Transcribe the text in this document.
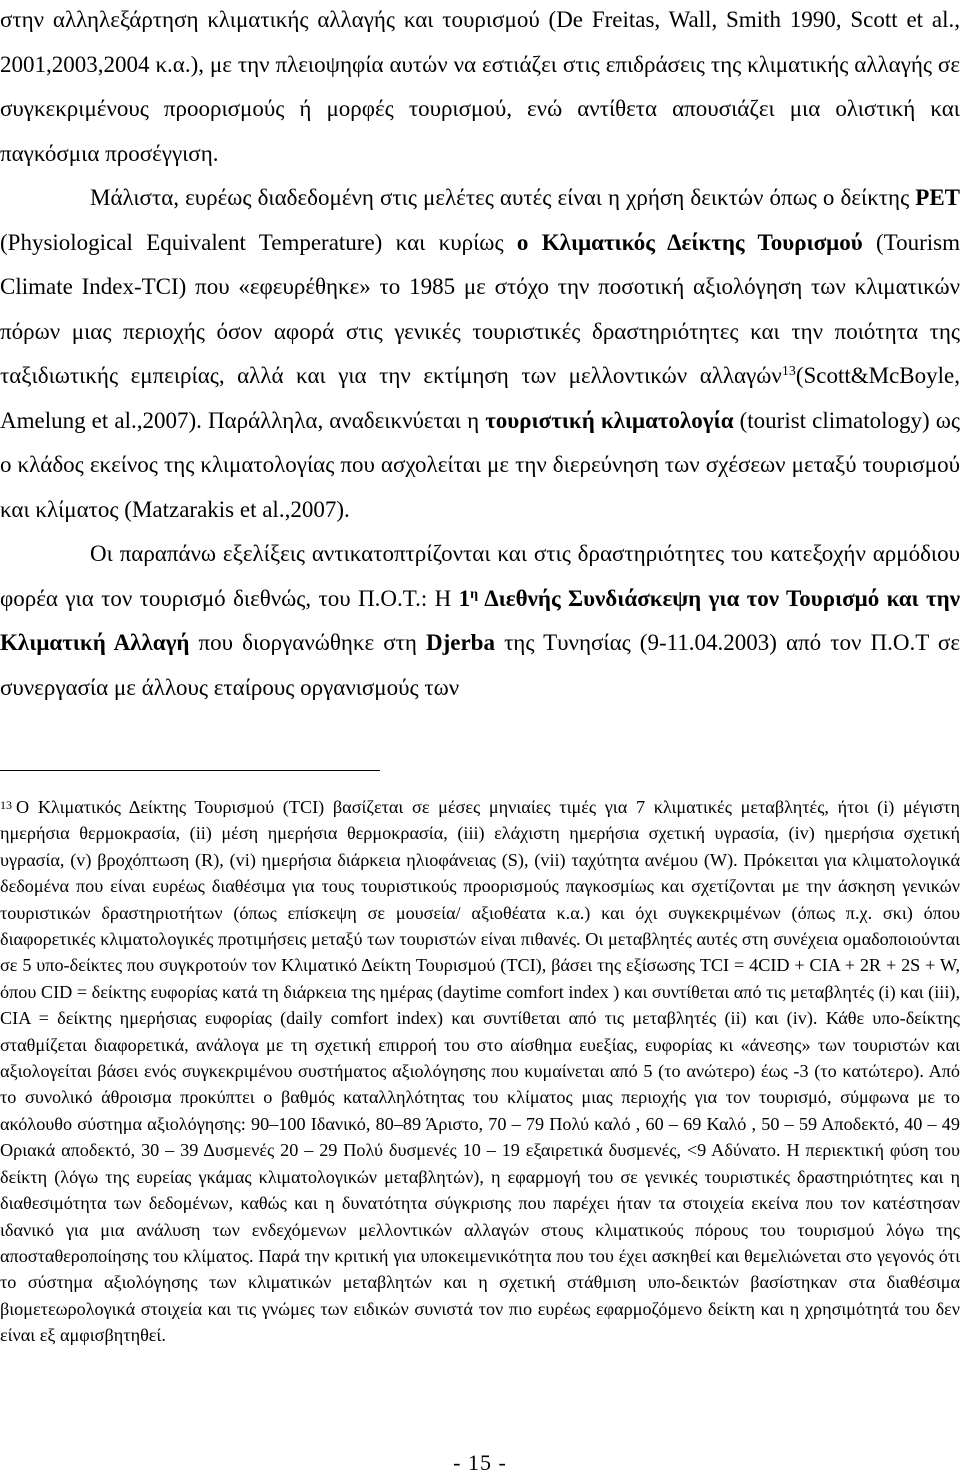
στην αλληλεξάρτηση κλιματικής αλλαγής και τουρισμού (De Freitas, Wall, Smith 1990, Scott et al., 2001,2003,2004 κ.α.), με την πλειοψηφία αυτών να εστιάζει στις επιδράσεις της κλιματικής αλλαγής σε συγκεκριμένους προορισμούς ή μορφές τουρισμού, ενώ αντίθετα απουσιάζει μια ολιστική και παγκόσμια προσέγγιση.

Μάλιστα, ευρέως διαδεδομένη στις μελέτες αυτές είναι η χρήση δεικτών όπως ο δείκτης PET (Physiological Equivalent Temperature) και κυρίως ο Κλιματικός Δείκτης Τουρισμού (Tourism Climate Index-TCI) που «εφευρέθηκε» το 1985 με στόχο την ποσοτική αξιολόγηση των κλιματικών πόρων μιας περιοχής όσον αφορά στις γενικές τουριστικές δραστηριότητες και την ποιότητα της ταξιδιωτικής εμπειρίας, αλλά και για την εκτίμηση των μελλοντικών αλλαγών$^{13}$(Scott&McBoyle, Amelung et al.,2007). Παράλληλα, αναδεικνύεται η τουριστική κλιματολογία (tourist climatology) ως ο κλάδος εκείνος της κλιματολογίας που ασχολείται με την διερεύνηση των σχέσεων μεταξύ τουρισμού και κλίματος (Matzarakis et al.,2007).

Οι παραπάνω εξελίξεις αντικατοπτρίζονται και στις δραστηριότητες του κατεξοχήν αρμόδιου φορέα για τον τουρισμό διεθνώς, του Π.Ο.Τ.: Η $1^\eta$ Διεθνής Συνδιάσκεψη για τον Τουρισμό και την Κλιματική Αλλαγή που διοργανώθηκε στη Djerba της Τυνησίας (9-11.04.2003) από τον Π.Ο.Τ σε συνεργασία με άλλους εταίρους οργανισμούς των

$^{13}$ Ο Κλιματικός Δείκτης Τουρισμού (TCI) βασίζεται σε μέσες μηνιαίες τιμές για 7 κλιματικές μεταβλητές, ήτοι (i) μέγιστη ημερήσια θερμοκρασία, (ii) μέση ημερήσια θερμοκρασία, (iii) ελάχιστη ημερήσια σχετική υγρασία, (iv) ημερήσια σχετική υγρασία, (v) βροχόπτωση (R), (vi) ημερήσια διάρκεια ηλιοφάνειας (S), (vii) ταχύτητα ανέμου (W). Πρόκειται για κλιματολογικά δεδομένα που είναι ευρέως διαθέσιμα για τους τουριστικούς προορισμούς παγκοσμίως και σχετίζονται με την άσκηση γενικών τουριστικών δραστηριοτήτων (όπως επίσκεψη σε μουσεία/ αξιοθέατα κ.α.) και όχι συγκεκριμένων (όπως π.χ. σκι) όπου διαφορετικές κλιματολογικές προτιμήσεις μεταξύ των τουριστών είναι πιθανές. Οι μεταβλητές αυτές στη συνέχεια ομαδοποιούνται σε 5 υπο-δείκτες που συγκροτούν τον Κλιματικό Δείκτη Τουρισμού (TCI), βάσει της εξίσωσης TCI = 4CID + CIA + 2R + 2S + W, όπου CID = δείκτης ευφορίας κατά τη διάρκεια της ημέρας (daytime comfort index ) και συντίθεται από τις μεταβλητές (i) και (iii), CIA = δείκτης ημερήσιας ευφορίας (daily comfort index) και συντίθεται από τις μεταβλητές (ii) και (iv). Κάθε υπο-δείκτης σταθμίζεται διαφορετικά, ανάλογα με τη σχετική επιρροή του στο αίσθημα ευεξίας, ευφορίας κι «άνεσης» των τουριστών και αξιολογείται βάσει ενός συγκεκριμένου συστήματος αξιολόγησης που κυμαίνεται από 5 (το ανώτερο) έως -3 (το κατώτερο). Από το συνολικό άθροισμα προκύπτει ο βαθμός καταλληλότητας του κλίματος μιας περιοχής για τον τουρισμό, σύμφωνα με το ακόλουθο σύστημα αξιολόγησης: 90–100 Ιδανικό, 80–89 Άριστο, 70 – 79 Πολύ καλό , 60 – 69 Καλό , 50 – 59 Αποδεκτό, 40 – 49 Οριακά αποδεκτό, 30 – 39 Δυσμενές 20 – 29 Πολύ δυσμενές 10 – 19 εξαιρετικά δυσμενές, <9 Αδύνατο. Η περιεκτική φύση του δείκτη (λόγω της ευρείας γκάμας κλιματολογικών μεταβλητών), η εφαρμογή του σε γενικές τουριστικές δραστηριότητες και η διαθεσιμότητα των δεδομένων, καθώς και η δυνατότητα σύγκρισης που παρέχει ήταν τα στοιχεία εκείνα που τον κατέστησαν ιδανικό για μια ανάλυση των ενδεχόμενων μελλοντικών αλλαγών στους κλιματικούς πόρους του τουρισμού λόγω της αποσταθεροποίησης του κλίματος. Παρά την κριτική για υποκειμενικότητα που του έχει ασκηθεί και θεμελιώνεται στο γεγονός ότι το σύστημα αξιολόγησης των κλιματικών μεταβλητών και η σχετική στάθμιση υπο-δεικτών βασίστηκαν στα διαθέσιμα βιομετεωρολογικά στοιχεία και τις γνώμες των ειδικών συνιστά τον πιο ευρέως εφαρμοζόμενο δείκτη και η χρησιμότητά του δεν είναι εξ αμφισβητηθεί.

- 15 -
